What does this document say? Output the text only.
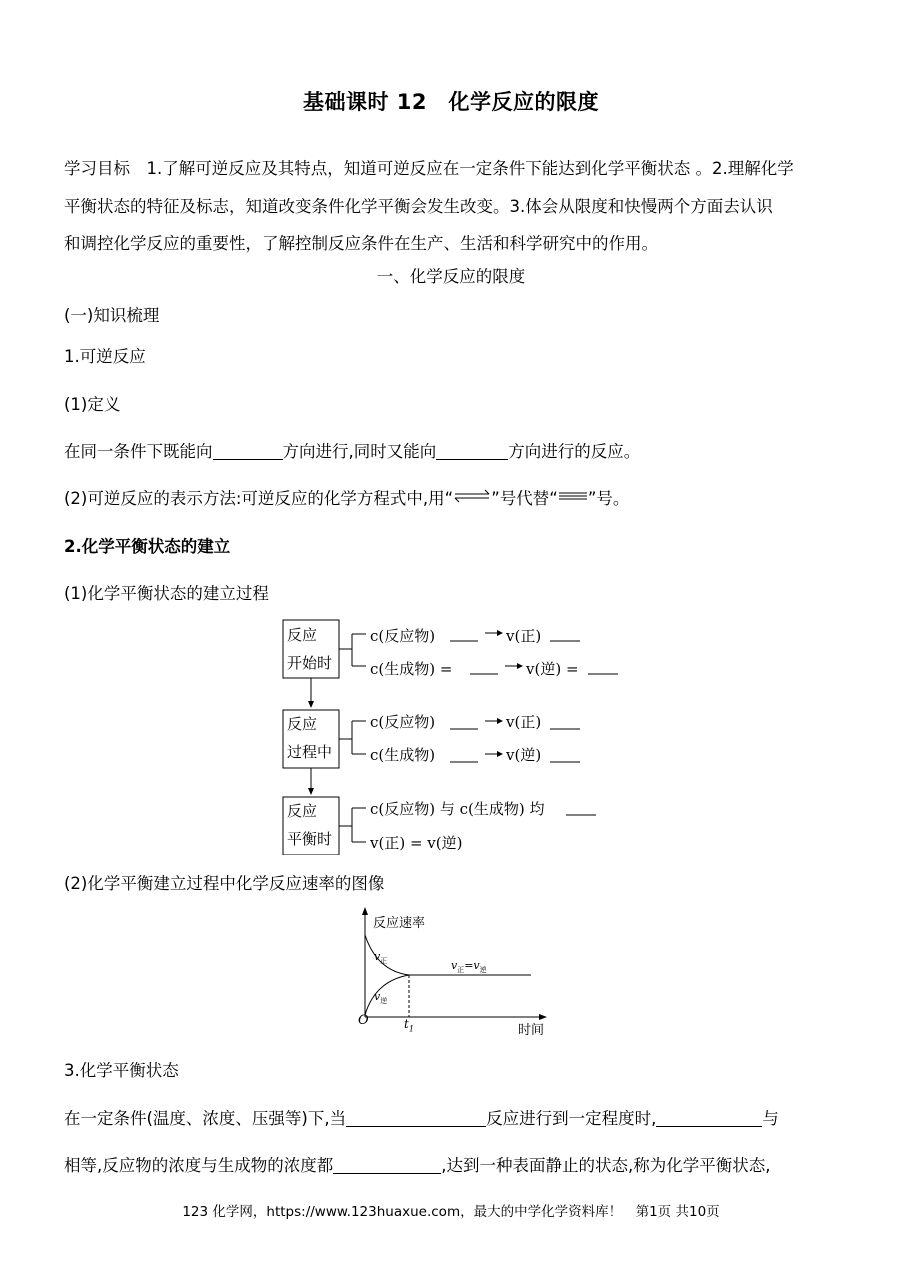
基础课时 12　化学反应的限度
学习目标　1.了解可逆反应及其特点，知道可逆反应在一定条件下能达到化学平衡状态 。2.理解化学
平衡状态的特征及标志，知道改变条件化学平衡会发生改变。3.体会从限度和快慢两个方面去认识
和调控化学反应的重要性，了解控制反应条件在生产、生活和科学研究中的作用。
一、化学反应的限度
(一)知识梳理
1.可逆反应
(1)定义
在同一条件下既能向	方向进行,同时又能向	方向进行的反应。
(2)可逆反应的表示方法:可逆反应的化学方程式中,用“⇌”号代替“ ”号。
2.化学平衡状态的建立
(1)化学平衡状态的建立过程
反应
开始时
反应
过程中
反应
平衡时
c(反应物)	v(正)
c(生成物) =	v(逆) =
c(反应物)	v(正)
c(生成物)	v(逆)
c(反应物) 与 c(生成物) 均
v(正) = v(逆)
(2)化学平衡建立过程中化学反应速率的图像
反应速率
时间
O	$t_1$
$v_正$
$v_逆$
$v_正=v_逆$
3.化学平衡状态
在一定条件(温度、浓度、压强等)下,当	反应进行到一定程度时,	与
相等,反应物的浓度与生成物的浓度都	,达到一种表面静止的状态,称为化学平衡状态,
123 化学网，https://www.123huaxue.com，最大的中学化学资料库！　第1页 共10页
